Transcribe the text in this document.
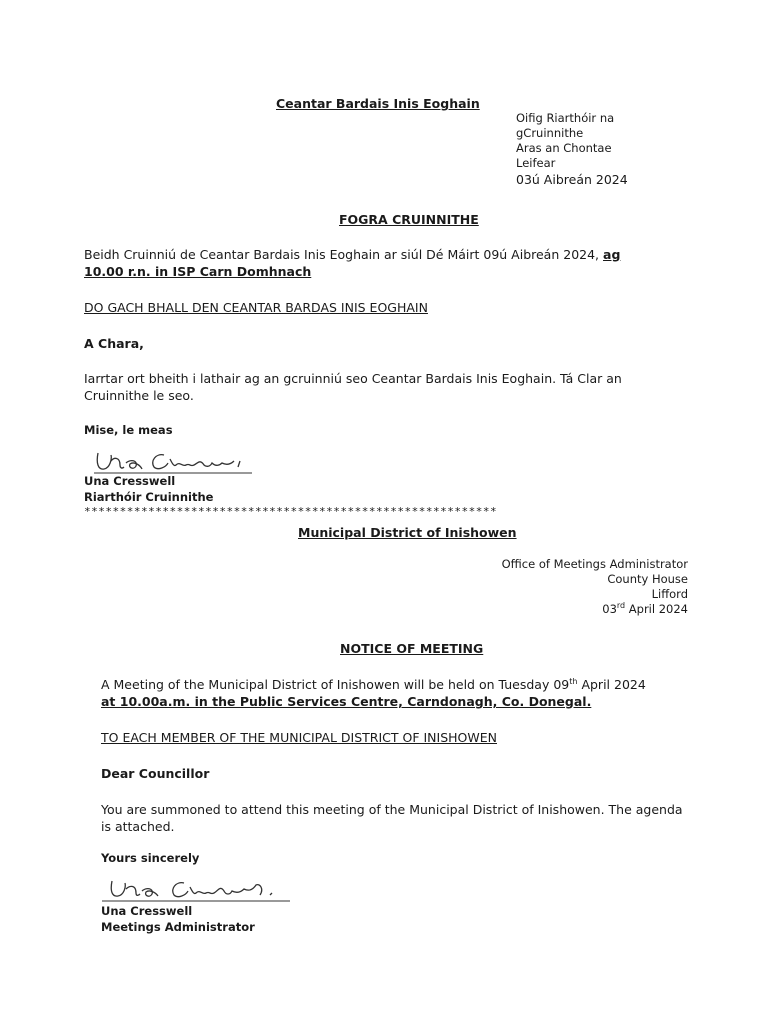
Ceantar Bardais Inis Eoghain
Oifig Riarthóir na
gCruinnithe
Aras an Chontae
Leifear
03ú Aibreán 2024
FOGRA CRUINNITHE
Beidh Cruinniú de Ceantar Bardais Inis Eoghain ar siúl Dé Máirt 09ú Aibreán 2024, ag
10.00 r.n. in ISP Carn Domhnach
DO GACH BHALL DEN CEANTAR BARDAS INIS EOGHAIN
A Chara,
Iarrtar ort bheith i lathair ag an gcruinniú seo Ceantar Bardais Inis Eoghain. Tá Clar an
Cruinnithe le seo.
Mise, le meas
Una Cresswell
Riarthóir Cruinnithe
**********************************************************
Municipal District of Inishowen
Office of Meetings Administrator
County House
Lifford
03rd April 2024
NOTICE OF MEETING
A Meeting of the Municipal District of Inishowen will be held on Tuesday 09th April 2024
at 10.00a.m. in the Public Services Centre, Carndonagh, Co. Donegal.
TO EACH MEMBER OF THE MUNICIPAL DISTRICT OF INISHOWEN
Dear Councillor
You are summoned to attend this meeting of the Municipal District of Inishowen. The agenda
is attached.
Yours sincerely
Una Cresswell
Meetings Administrator
